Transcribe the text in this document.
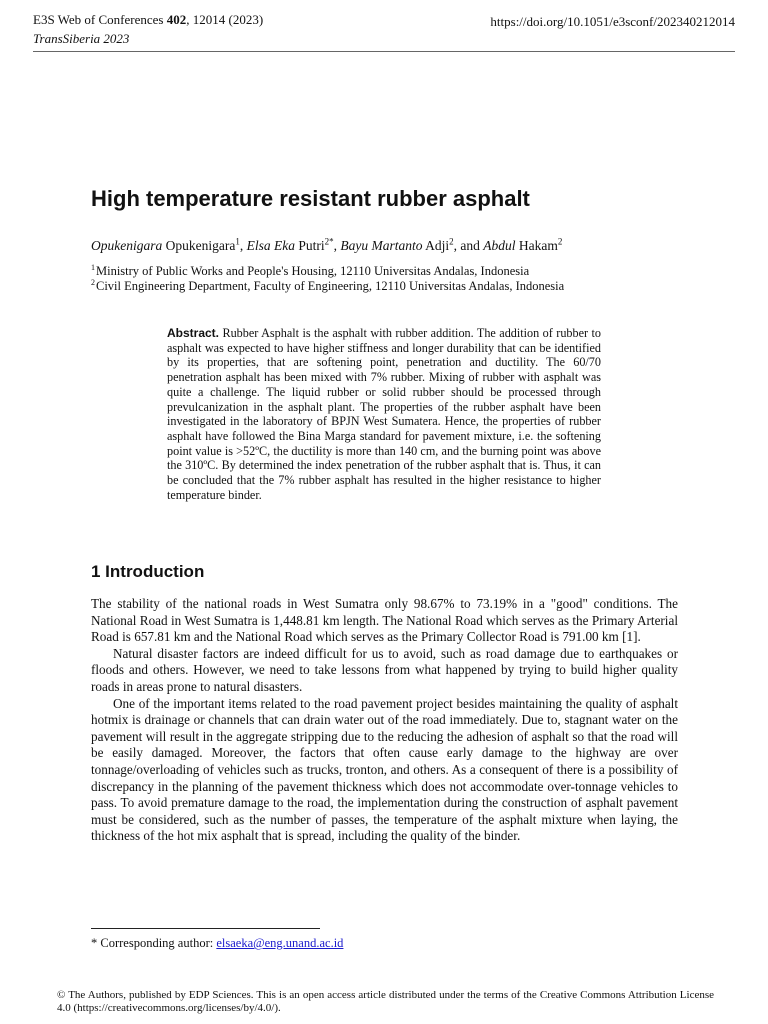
E3S Web of Conferences 402, 12014 (2023)
TransSiberia 2023
https://doi.org/10.1051/e3sconf/202340212014
High temperature resistant rubber asphalt
Opukenigara Opukenigara$^1$, Elsa Eka Putri$^{2*}$, Bayu Martanto Adji$^2$, and Abdul Hakam$^2$
$^1$Ministry of Public Works and People's Housing, 12110 Universitas Andalas, Indonesia
$^2$Civil Engineering Department, Faculty of Engineering, 12110 Universitas Andalas, Indonesia
Abstract. Rubber Asphalt is the asphalt with rubber addition. The addition of rubber to asphalt was expected to have higher stiffness and longer durability that can be identified by its properties, that are softening point, penetration and ductility. The 60/70 penetration asphalt has been mixed with 7% rubber. Mixing of rubber with asphalt was quite a challenge. The liquid rubber or solid rubber should be processed through prevulcanization in the asphalt plant. The properties of the rubber asphalt have been investigated in the laboratory of BPJN West Sumatera. Hence, the properties of rubber asphalt have followed the Bina Marga standard for pavement mixture, i.e. the softening point value is >52ºC, the ductility is more than 140 cm, and the burning point was above the 310ºC. By determined the index penetration of the rubber asphalt that is. Thus, it can be concluded that the 7% rubber asphalt has resulted in the higher resistance to higher temperature binder.
1 Introduction

The stability of the national roads in West Sumatra only 98.67% to 73.19% in a "good" conditions. The National Road in West Sumatra is 1,448.81 km length. The National Road which serves as the Primary Arterial Road is 657.81 km and the National Road which serves as the Primary Collector Road is 791.00 km [1].

Natural disaster factors are indeed difficult for us to avoid, such as road damage due to earthquakes or floods and others. However, we need to take lessons from what happened by trying to build higher quality roads in areas prone to natural disasters.

One of the important items related to the road pavement project besides maintaining the quality of asphalt hotmix is drainage or channels that can drain water out of the road immediately. Due to, stagnant water on the pavement will result in the aggregate stripping due to the reducing the adhesion of asphalt so that the road will be easily damaged. Moreover, the factors that often cause early damage to the highway are over tonnage/overloading of vehicles such as trucks, tronton, and others. As a consequent of there is a possibility of discrepancy in the planning of the pavement thickness which does not accommodate over-tonnage vehicles to pass. To avoid premature damage to the road, the implementation during the construction of asphalt pavement must be considered, such as the number of passes, the temperature of the asphalt mixture when laying, the thickness of the hot mix asphalt that is spread, including the quality of the binder.

* Corresponding author: elsaeka@eng.unand.ac.id
© The Authors, published by EDP Sciences. This is an open access article distributed under the terms of the Creative Commons Attribution License 4.0 (https://creativecommons.org/licenses/by/4.0/).
